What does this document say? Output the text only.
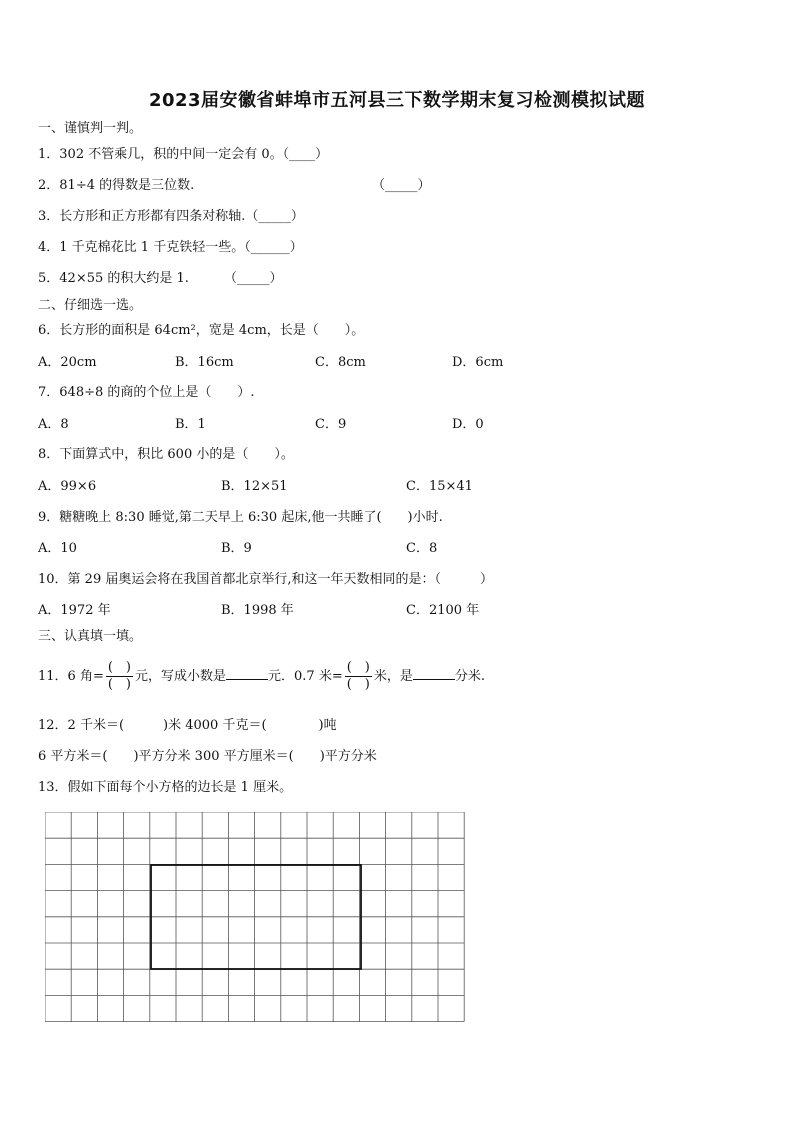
2023届安徽省蚌埠市五河县三下数学期末复习检测模拟试题
一、谨慎判一判。
1．302 不管乘几，积的中间一定会有 0。（____）
2．81÷4 的得数是三位数.	（_____）
3．长方形和正方形都有四条对称轴.（_____）
4．1 千克棉花比 1 千克铁轻一些。（______）
5．42×55 的积大约是 1.	（_____）
二、仔细选一选。
6．长方形的面积是 64cm²，宽是 4cm，长是（　　）。
A．20cm	B．16cm	C．8cm	D．6cm
7．648÷8 的商的个位上是（　　）.
A．8	B．1	C．9	D．0
8．下面算式中，积比 600 小的是（　　）。
A．99×6	B．12×51	C．15×41
9．糖糖晚上 8:30 睡觉,第二天早上 6:30 起床,他一共睡了(　　)小时.
A．10	B．9	C．8
10．第 29 届奥运会将在我国首都北京举行,和这一年天数相同的是：（　　　）
A．1972 年	B．1998 年	C．2100 年
三、认真填一填。
11．6 角= $\frac{( )}{( )}$ 元，写成小数是	元．0.7 米= $\frac{( )}{( )}$ 米，是	分米.
12．2 千米＝(　　　)米 4000 千克＝(　　　　)吨
6 平方米＝(　　)平方分米 300 平方厘米＝(　　)平方分米
13．假如下面每个小方格的边长是 1 厘米。
